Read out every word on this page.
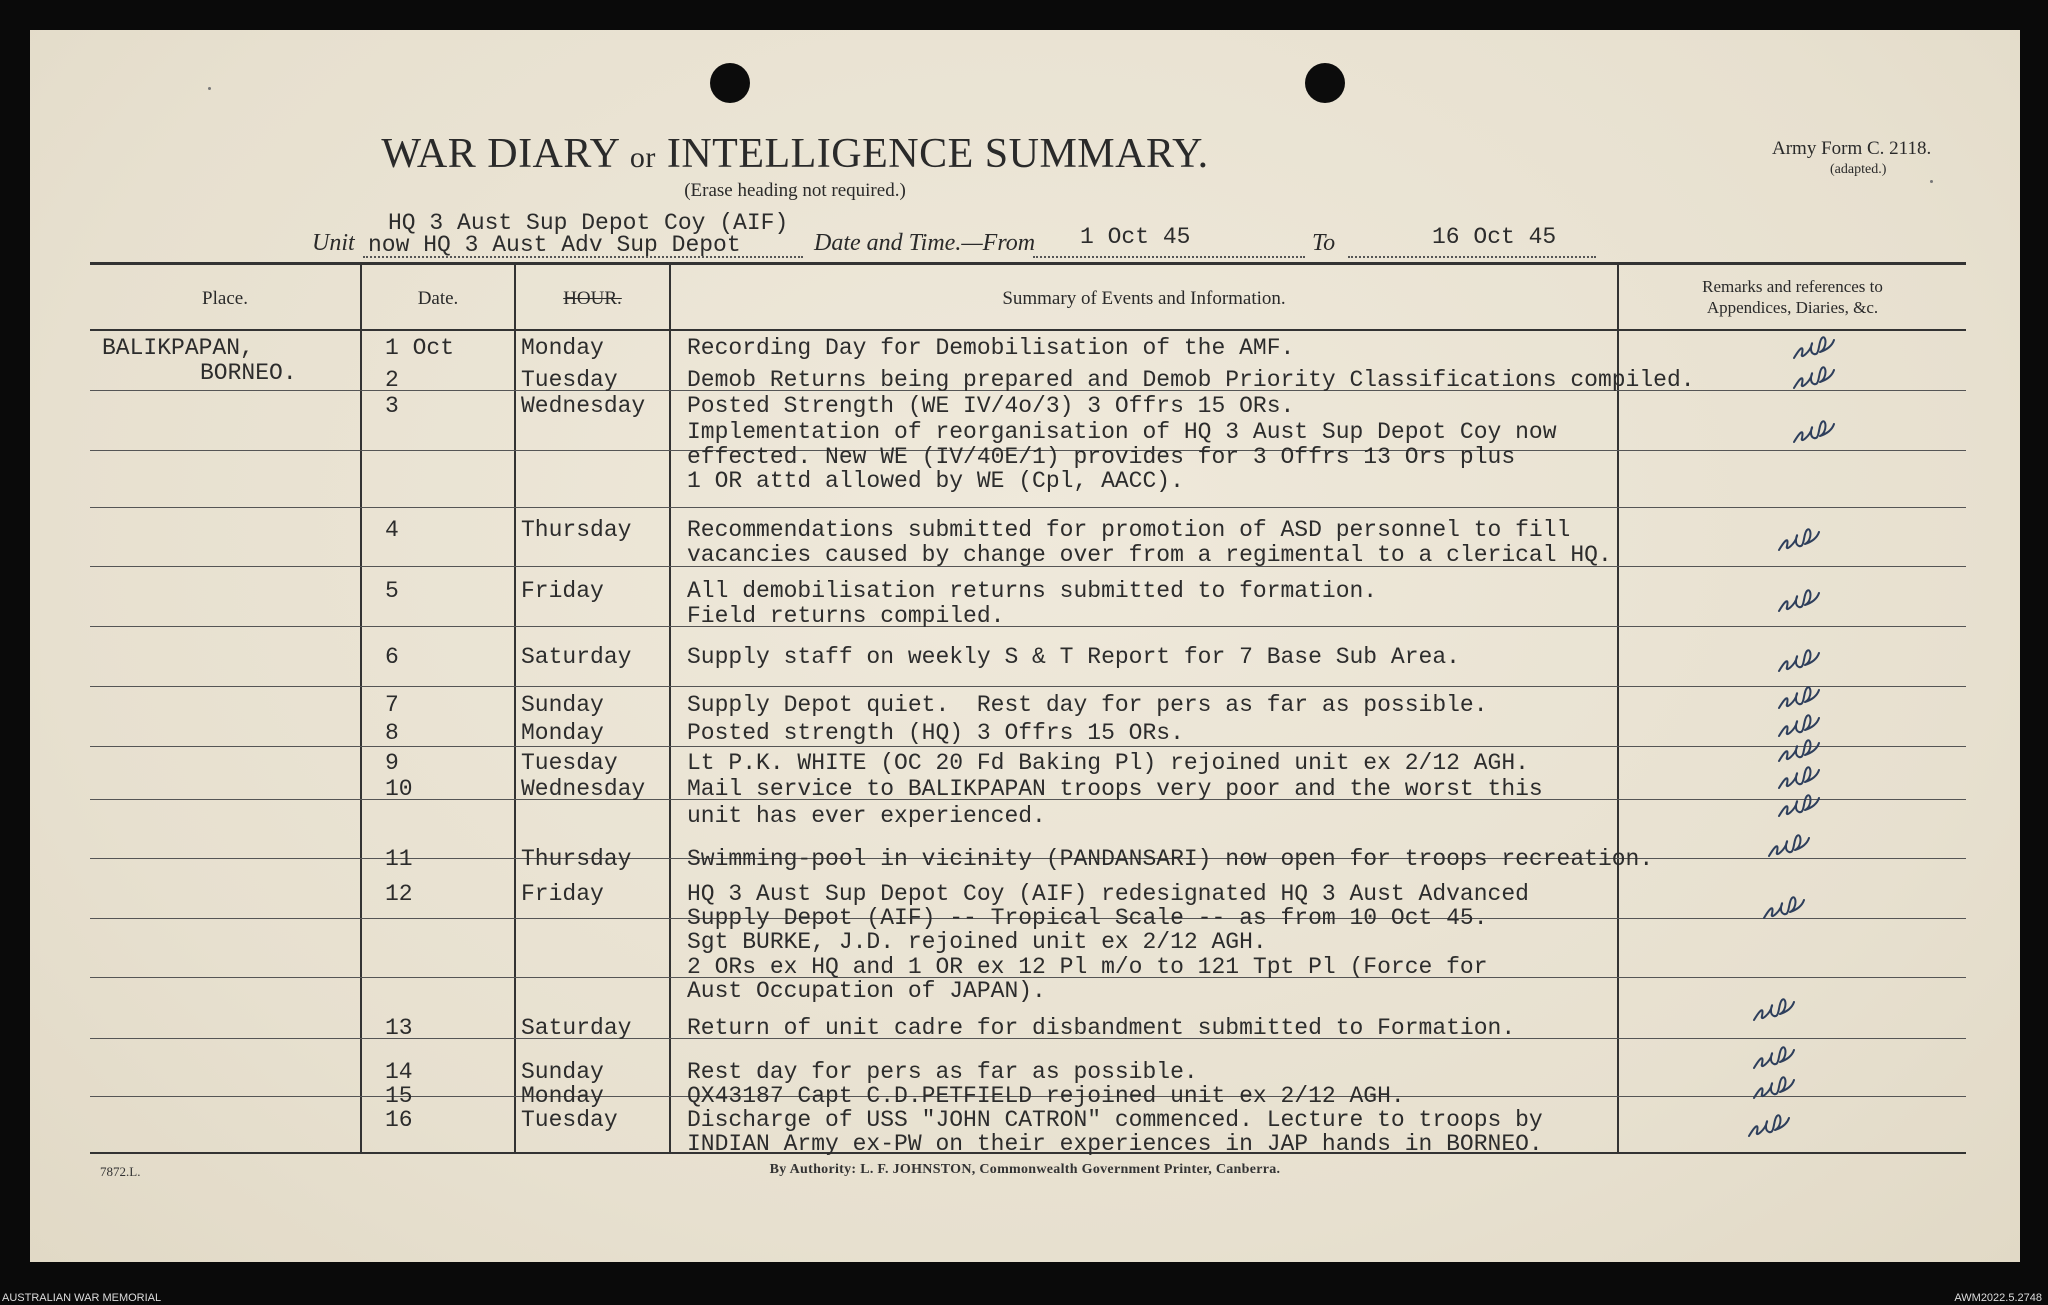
WAR DIARY or INTELLIGENCE SUMMARY.
(Erase heading not required.)
Army Form C. 2118.
(adapted.)
HQ 3 Aust Sup Depot Coy (AIF)
Unit now HQ 3 Aust Adv Sup Depot	Date and Time.—From 1 Oct 45	To	16 Oct 45
Place.	Date.	HOUR.	Summary of Events and Information.
Remarks and references to
Appendices, Diaries, &c.
BALIKPAPAN,
BORNEO.
1 Oct	Monday	Recording Day for Demobilisation of the AMF.
2	Tuesday	Demob Returns being prepared and Demob Priority Classifications compiled.
3	Wednesday Posted Strength (WE IV/4o/3) 3 Offrs 15 ORs.
Implementation of reorganisation of HQ 3 Aust Sup Depot Coy now
effected. New WE (IV/40E/1) provides for 3 Offrs 13 Ors plus
1 OR attd allowed by WE (Cpl, AACC).
4	Thursday Recommendations submitted for promotion of ASD personnel to fill
vacancies caused by change over from a regimental to a clerical HQ.
5	Friday	All demobilisation returns submitted to formation.
Field returns compiled.
6	Saturday Supply staff on weekly S & T Report for 7 Base Sub Area.
7	Sunday	Supply Depot quiet.  Rest day for pers as far as possible.
8	Monday	Posted strength (HQ) 3 Offrs 15 ORs.
9	Tuesday	Lt P.K. WHITE (OC 20 Fd Baking Pl) rejoined unit ex 2/12 AGH.
10	Wednesday Mail service to BALIKPAPAN troops very poor and the worst this
unit has ever experienced.
11	Thursday Swimming-pool in vicinity (PANDANSARI) now open for troops recreation.
12	Friday	HQ 3 Aust Sup Depot Coy (AIF) redesignated HQ 3 Aust Advanced
Supply Depot (AIF) -- Tropical Scale -- as from 10 Oct 45.
Sgt BURKE, J.D. rejoined unit ex 2/12 AGH.
2 ORs ex HQ and 1 OR ex 12 Pl m/o to 121 Tpt Pl (Force for
Aust Occupation of JAPAN).
13	Saturday Return of unit cadre for disbandment submitted to Formation.
14	Sunday	Rest day for pers as far as possible.
15	Monday	QX43187 Capt C.D.PETFIELD rejoined unit ex 2/12 AGH.
16	Tuesday	Discharge of USS "JOHN CATRON" commenced. Lecture to troops by
INDIAN Army ex-PW on their experiences in JAP hands in BORNEO.
7872.L.	By Authority: L. F. JOHNSTON, Commonwealth Government Printer, Canberra.
AUSTRALIAN WAR MEMORIAL	AWM2022.5.2748
